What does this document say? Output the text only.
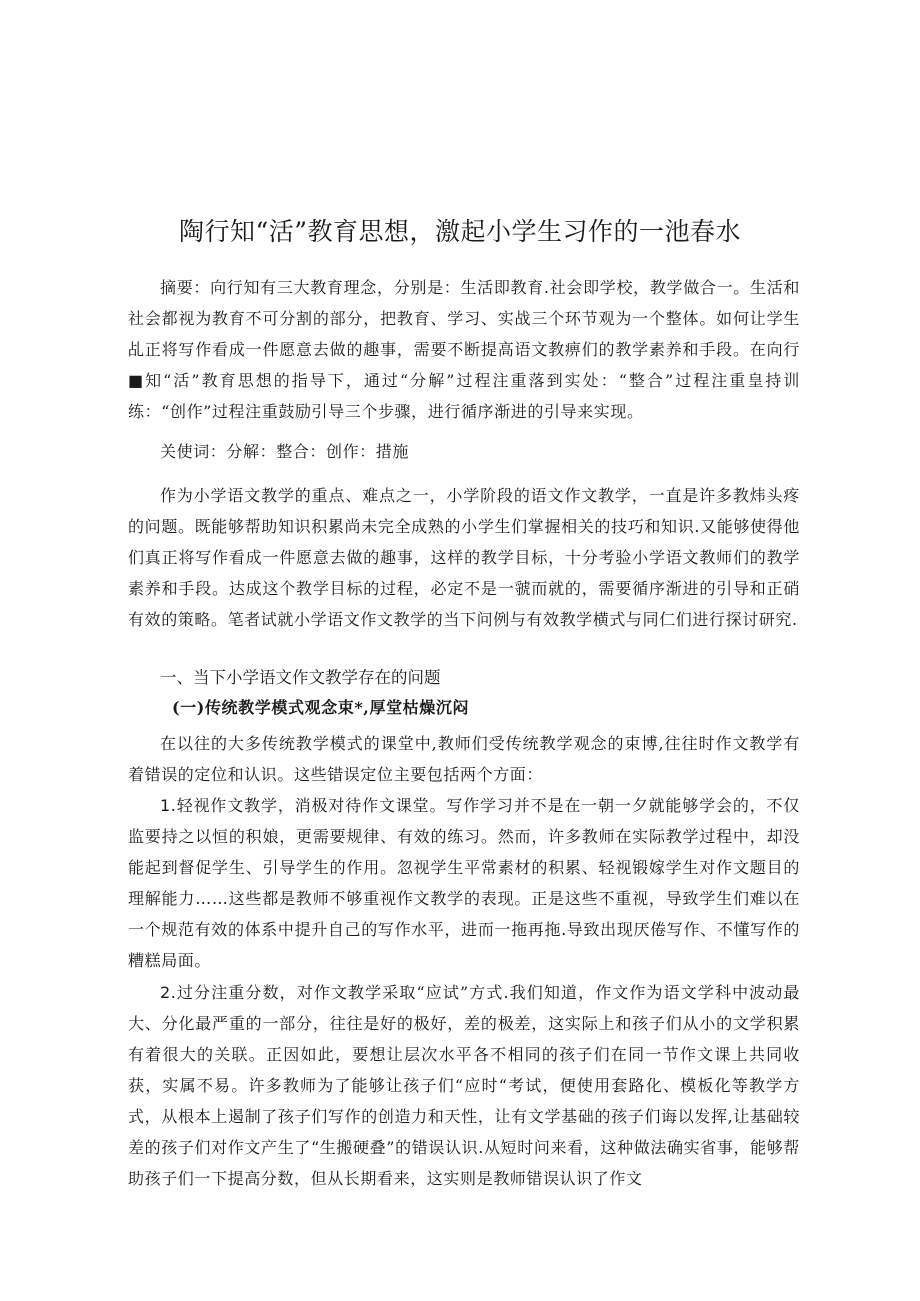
陶行知“活”教育思想，激起小学生习作的一池春水

摘要：向行知有三大教育理念，分别是：生活即教育.社会即学校，教学做合一。生活和社会都视为教育不可分割的部分，把教育、学习、实战三个环节观为一个整体。如何让学生乩正将写作看成一件愿意去做的趣事，需要不断提高语文教痹们的教学素养和手段。在向行■知“活”教育思想的指导下，通过“分解”过程注重落到实处：“整合”过程注重皇持训练：“创作”过程注重鼓励引导三个步骤，进行循序渐进的引导来实现。

关使词：分解：整合：创作：措施

作为小学语文教学的重点、难点之一，小学阶段的语文作文教学，一直是许多教炜头疼的问题。既能够帮助知识积累尚未完全成熟的小学生们掌握相关的技巧和知识.又能够使得他们真正将写作看成一件愿意去做的趣事，这样的教学目标，十分考验小学语文教师们的教学素养和手段。达成这个教学目标的过程，必定不是一虢而就的，需要循序渐进的引导和正硝有效的策略。笔者试就小学语文作文教学的当下问例与有效教学横式与同仁们进行探讨研究.

一、当下小学语文作文教学存在的问题
(一)传统教学模式观念束*,厚堂枯燥沉闷

在以往的大多传统教学模式的课堂中,教师们受传统教学观念的束博,往往时作文教学有着错误的定位和认识。这些错误定位主要包括两个方面：

1.轻视作文教学，消极对待作文课堂。写作学习并不是在一朝一夕就能够学会的，不仅监要持之以恒的积娘，更需要规律、有效的练习。然而，许多教师在实际教学过程中，却没能起到督促学生、引导学生的作用。忽视学生平常素材的积累、轻视锻嫁学生对作文题目的理解能力……这些都是教师不够重视作文教学的表现。正是这些不重视，导致学生们难以在一个规范有效的体系中提升自己的写作水平，进而一拖再拖.导致出现厌倦写作、不懂写作的糟糕局面。

2.过分注重分数，对作文教学采取“应试”方式.我们知道，作文作为语文学科中波动最大、分化最严重的一部分，往往是好的极好，差的极差，这实际上和孩子们从小的文学积累有着很大的关联。正因如此，要想让层次水平各不相同的孩子们在同一节作文课上共同收获，实属不易。许多教师为了能够让孩子们“应时“考试，便使用套路化、模板化等教学方式，从根本上遏制了孩子们写作的创造力和天性，让有文学基础的孩子们诲以发挥,让基础较差的孩子们对作文产生了“生搬硬叠”的错误认识.从短时问来看，这种做法确实省事，能够帮助孩子们一下提高分数，但从长期看来，这实则是教师错误认识了作文
